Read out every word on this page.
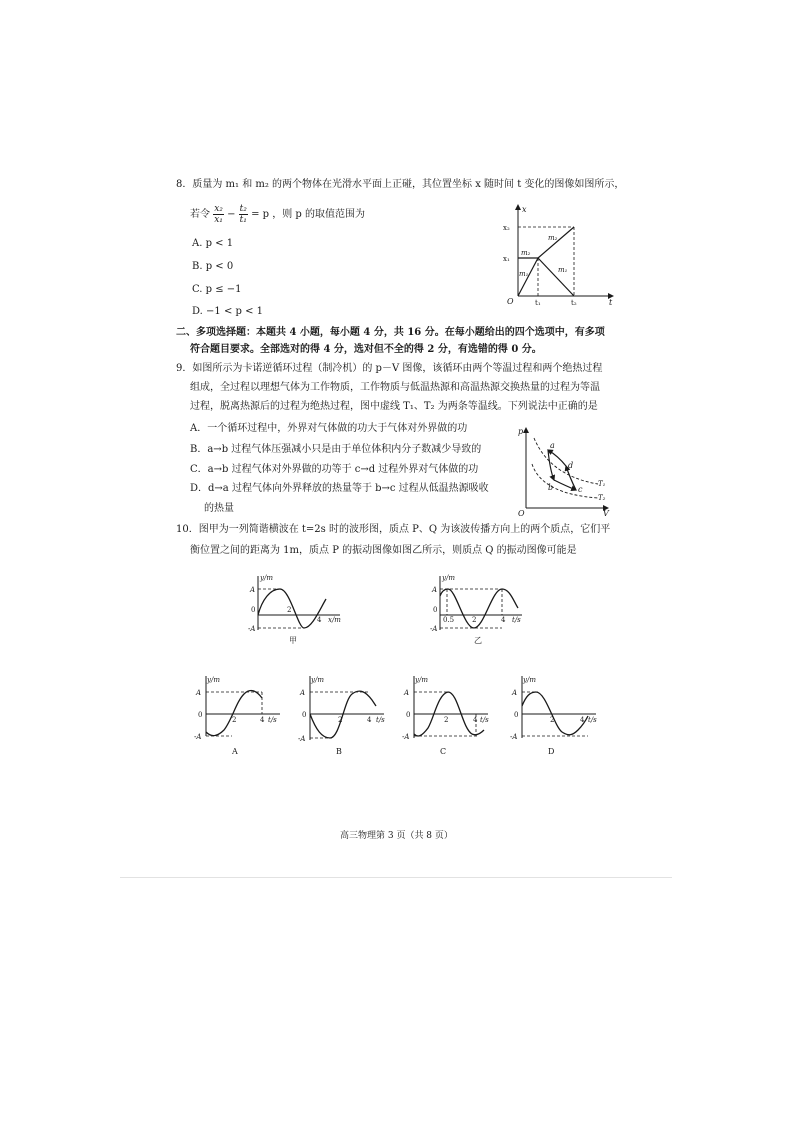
8．质量为 m₁ 和 m₂ 的两个物体在光滑水平面上正碰，其位置坐标 x 随时间 t 变化的图像如图所示，
若令 $\frac{\text{x₂}}{\text{x₁}} - \frac{\text{t₂}}{\text{t₁}} = p$ ，则 p 的取值范围为
A. p < 1
B. p < 0
C. p ≤ −1
D. −1 < p < 1
x
t
O
x₂
x₁
t₁	t₂
m₂
m₁
m₂
m₁
二、多项选择题：本题共 4 小题，每小题 4 分，共 16 分。在每小题给出的四个选项中，有多项
符合题目要求。全部选对的得 4 分，选对但不全的得 2 分，有选错的得 0 分。
9．如图所示为卡诺逆循环过程（制冷机）的 p－V 图像，该循环由两个等温过程和两个绝热过程
组成，全过程以理想气体为工作物质，工作物质与低温热源和高温热源交换热量的过程为等温
过程，脱离热源后的过程为绝热过程，图中虚线 T₁、T₂ 为两条等温线。下列说法中正确的是
A．一个循环过程中，外界对气体做的功大于气体对外界做的功
B．a→b 过程气体压强减小只是由于单位体积内分子数减少导致的
C．a→b 过程气体对外界做的功等于 c→d 过程外界对气体做的功
D．d→a 过程气体向外界释放的热量等于 b→c 过程从低温热源吸收
的热量
p
V
O
a
b	c
d
T₁
T₂
10．图甲为一列简谐横波在 t=2s 时的波形图，质点 P、Q 为该波传播方向上的两个质点，它们平
衡位置之间的距离为 1m，质点 P 的振动图像如图乙所示，则质点 Q 的振动图像可能是
y/m
x/m
A
-A
0	2
4
甲
y/m
t/s
A
-A
0
0.5	2	4
乙
y/m
t/s
A
-A
0
2	4
A
y/m
t/s
A
-A
0
2	4
B
y/m
t/s
A
-A
0
2	4
C
y/m
t/s
A
-A
0
2	4
D
高三物理第 3 页（共 8 页）
